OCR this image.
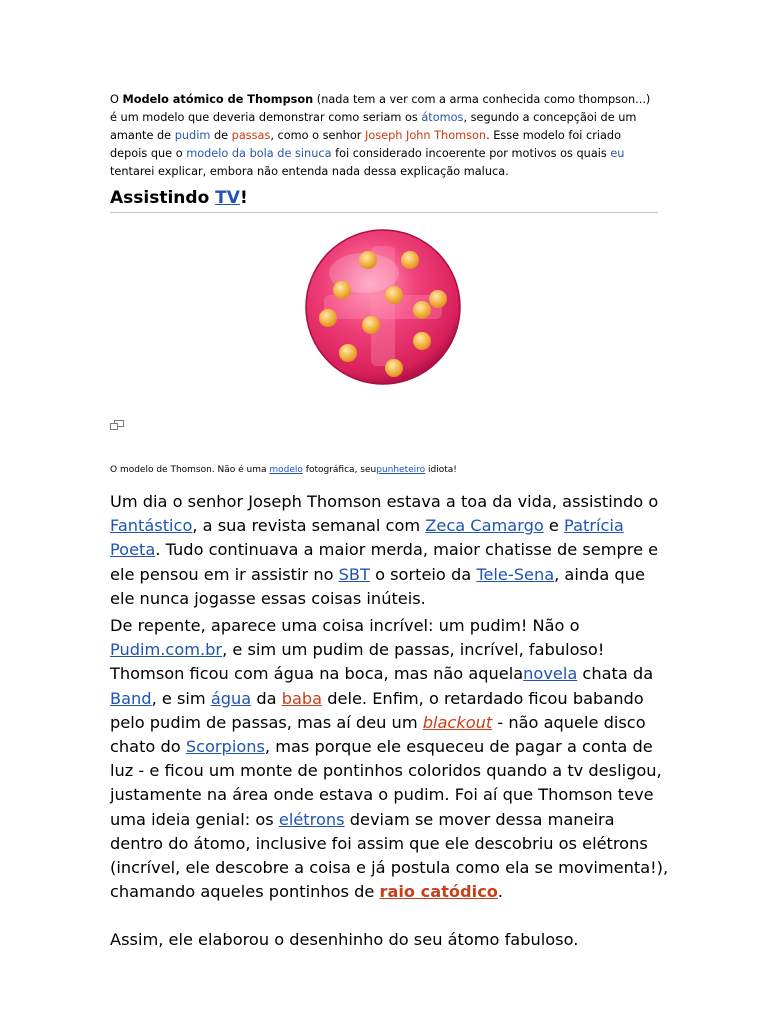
O Modelo atómico de Thompson (nada tem a ver com a arma conhecida como thompson...) é um modelo que deveria demonstrar como seriam os átomos, segundo a concepçãoi de um amante de pudim de passas, como o senhor Joseph John Thomson. Esse modelo foi criado depois que o modelo da bola de sinuca foi considerado incoerente por motivos os quais eu tentarei explicar, embora não entenda nada dessa explicação maluca.

Assistindo TV!

O modelo de Thomson. Não é uma modelo fotográfica, seupunheteiro idiota!

Um dia o senhor Joseph Thomson estava a toa da vida, assistindo o Fantástico, a sua revista semanal com Zeca Camargo e Patrícia Poeta. Tudo continuava a maior merda, maior chatisse de sempre e ele pensou em ir assistir no SBT o sorteio da Tele-Sena, ainda que ele nunca jogasse essas coisas inúteis.

De repente, aparece uma coisa incrível: um pudim! Não o Pudim.com.br, e sim um pudim de passas, incrível, fabuloso! Thomson ficou com água na boca, mas não aquelanovela chata da Band, e sim água da baba dele. Enfim, o retardado ficou babando pelo pudim de passas, mas aí deu um blackout - não aquele disco chato do Scorpions, mas porque ele esqueceu de pagar a conta de luz - e ficou um monte de pontinhos coloridos quando a tv desligou, justamente na área onde estava o pudim. Foi aí que Thomson teve uma ideia genial: os elétrons deviam se mover dessa maneira dentro do átomo, inclusive foi assim que ele descobriu os elétrons (incrível, ele descobre a coisa e já postula como ela se movimenta!), chamando aqueles pontinhos de raio catódico.

Assim, ele elaborou o desenhinho do seu átomo fabuloso.
